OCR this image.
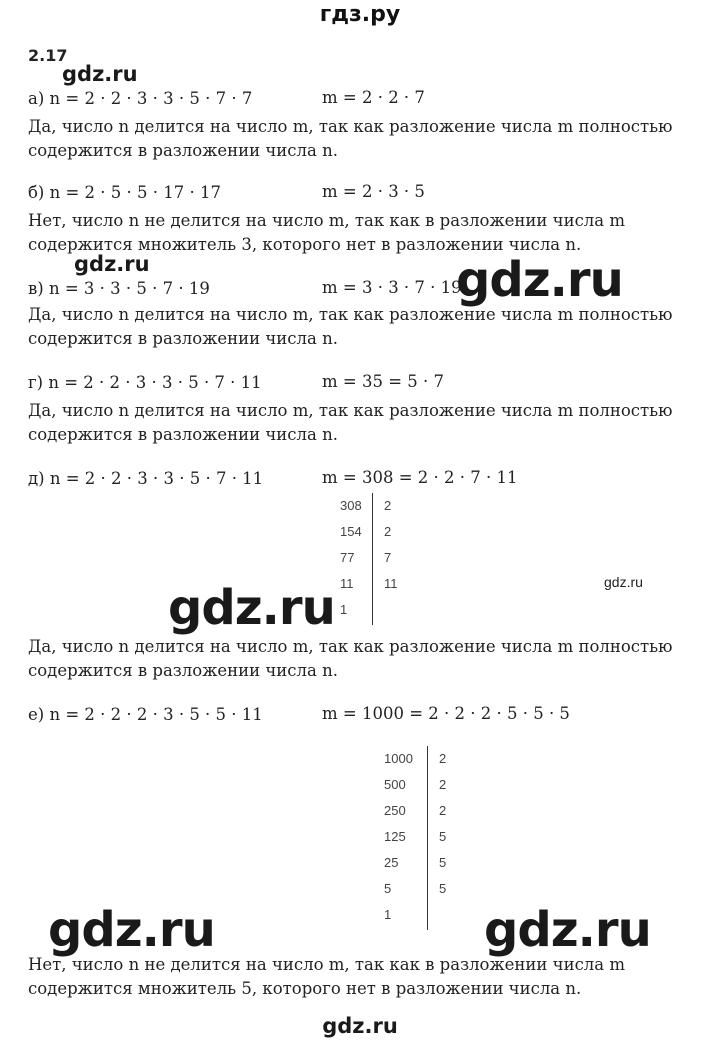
гдз.ру
2.17
gdz.ru
а) n = 2 · 2 · 3 · 3 · 5 · 7 · 7	m = 2 · 2 · 7
Да, число n делится на число m, так как разложение числа m полностью
содержится в разложении числа n.
б) n = 2 · 5 · 5 · 17 · 17	m = 2 · 3 · 5
Нет, число n не делится на число m, так как в разложении числа m
содержится множитель 3, которого нет в разложении числа n.
gdz.ru
в) n = 3 · 3 · 5 · 7 · 19	m = 3 · 3 · 7 · 19
gdz.ru
Да, число n делится на число m, так как разложение числа m полностью
содержится в разложении числа n.
г) n = 2 · 2 · 3 · 3 · 5 · 7 · 11	m = 35 = 5 · 7
Да, число n делится на число m, так как разложение числа m полностью
содержится в разложении числа n.
д) n = 2 · 2 · 3 · 3 · 5 · 7 · 11	m = 308 = 2 · 2 · 7 · 11
308	2
154	2
77	7
11	11
1
gdz.ru
gdz.ru
Да, число n делится на число m, так как разложение числа m полностью
содержится в разложении числа n.
е) n = 2 · 2 · 2 · 3 · 5 · 5 · 11	m = 1000 = 2 · 2 · 2 · 5 · 5 · 5
1000	2
500	2
250	2
125	5
25	5
5	5
1
gdz.ru	gdz.ru
Нет, число n не делится на число m, так как в разложении числа m
содержится множитель 5, которого нет в разложении числа n.
gdz.ru
